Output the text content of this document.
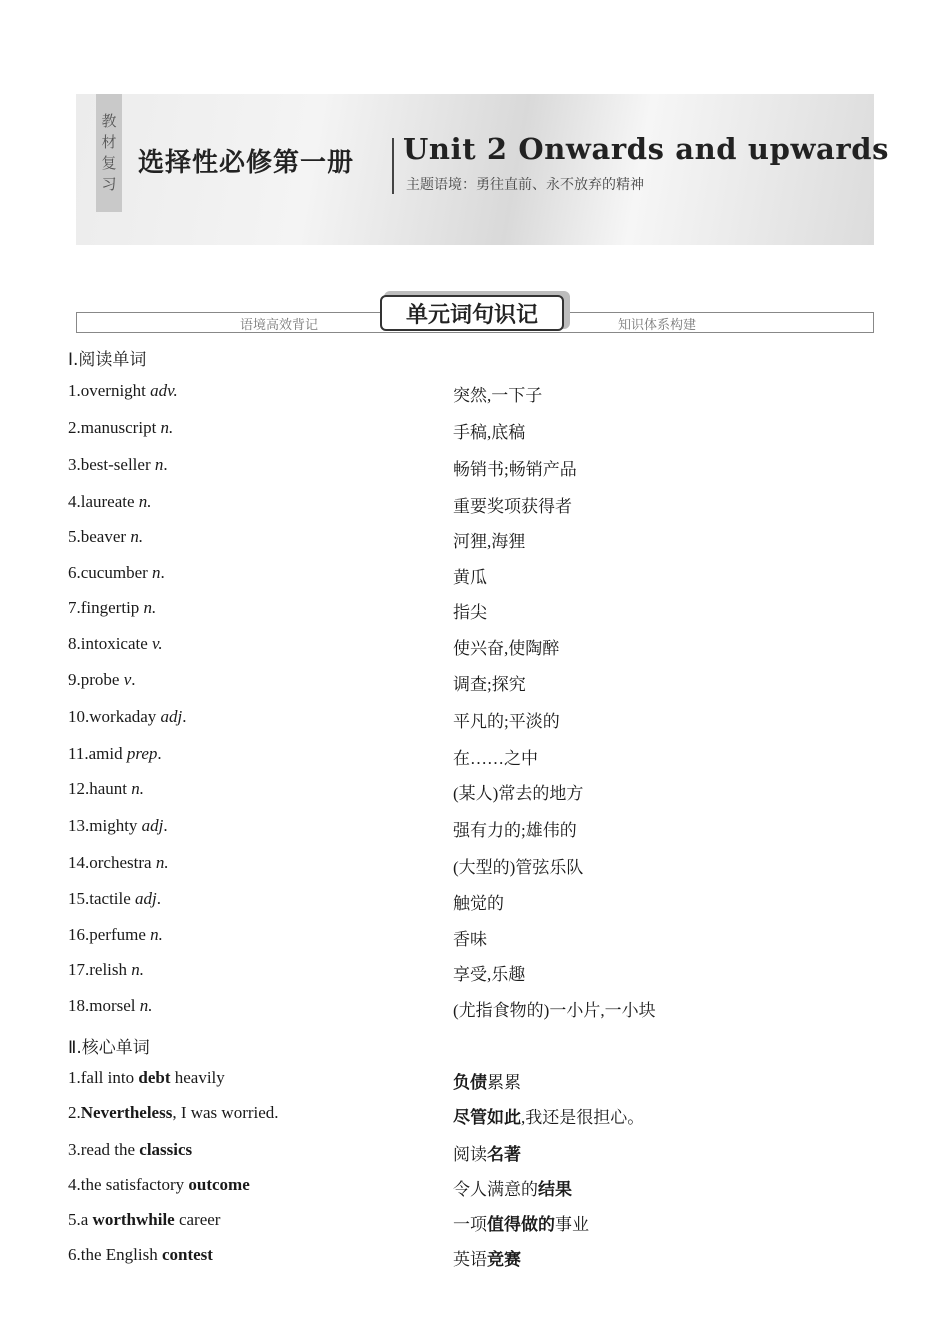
教
材
复
习
选择性必修第一册 Unit 2 Onwards and upwards
主题语境：勇往直前、永不放弃的精神
语境高效背记	知识体系构建
单元词句识记
Ⅰ.阅读单词
1.overnight adv.	突然,一下子
2.manuscript n.	手稿,底稿
3.best-seller n.	畅销书;畅销产品
4.laureate n.	重要奖项获得者
5.beaver n.	河狸,海狸
6.cucumber n.	黄瓜
7.fingertip n.	指尖
8.intoxicate v.	使兴奋,使陶醉
9.probe v.	调查;探究
10.workaday adj.	平凡的;平淡的
11.amid prep.	在……之中
12.haunt n.	(某人)常去的地方
13.mighty adj.	强有力的;雄伟的
14.orchestra n.	(大型的)管弦乐队
15.tactile adj.	触觉的
16.perfume n.	香味
17.relish n.	享受,乐趣
18.morsel n.	(尤指食物的)一小片,一小块
Ⅱ.核心单词
1.fall into debt heavily	负债累累
2.Nevertheless, I was worried.	尽管如此,我还是很担心。
3.read the classics	阅读名著
4.the satisfactory outcome	令人满意的结果
5.a worthwhile career	一项值得做的事业
6.the English contest	英语竞赛
